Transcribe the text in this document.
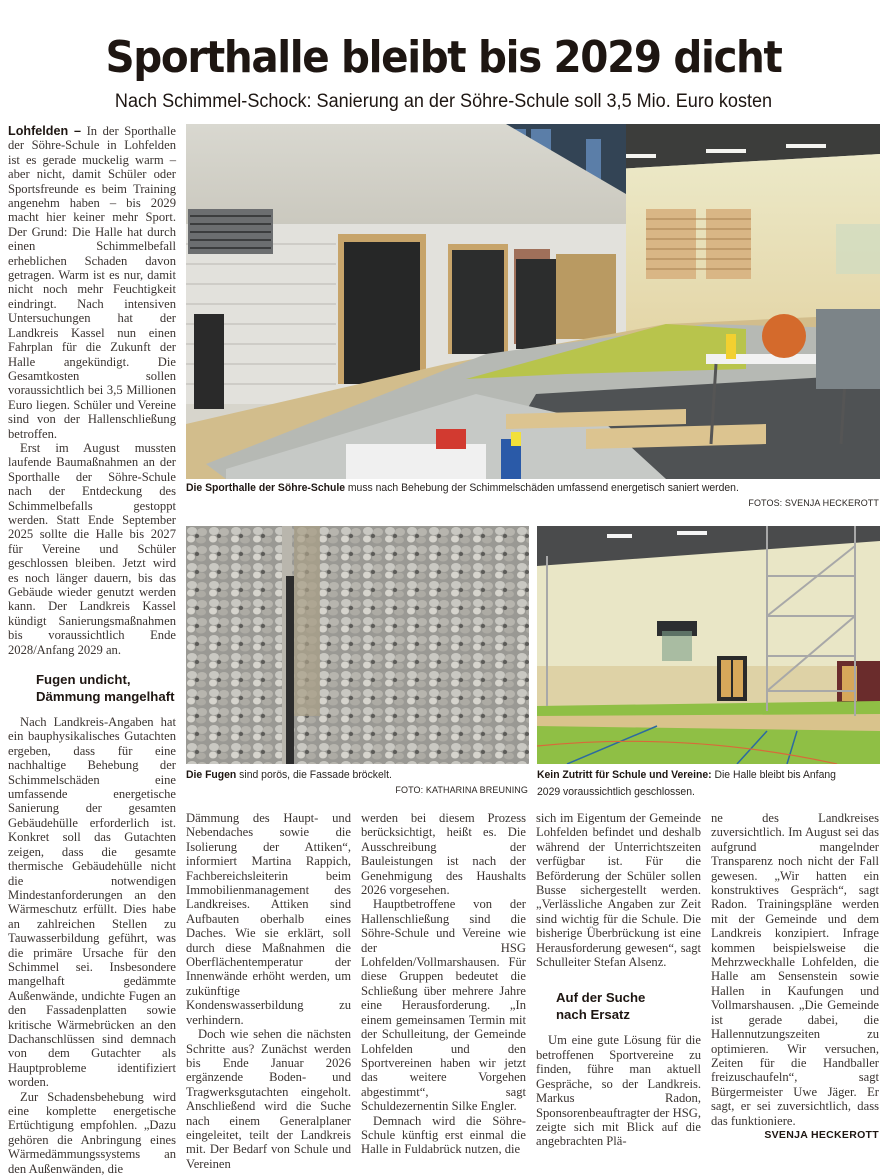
Sporthalle bleibt bis 2029 dicht
Nach Schimmel-Schock: Sanierung an der Söhre-Schule soll 3,5 Mio. Euro kosten

Lohfelden – In der Sporthalle der Söhre-Schule in Lohfelden ist es gerade muckelig warm – aber nicht, damit Schüler oder Sportsfreunde es beim Training angenehm haben – bis 2029 macht hier keiner mehr Sport. Der Grund: Die Halle hat durch einen Schimmelbefall erheblichen Schaden davon getragen. Warm ist es nur, damit nicht noch mehr Feuchtigkeit eindringt. Nach intensiven Untersuchungen hat der Landkreis Kassel nun einen Fahrplan für die Zukunft der Halle angekündigt. Die Gesamtkosten sollen voraussichtlich bei 3,5 Millionen Euro liegen. Schüler und Vereine sind von der Hallenschließung betroffen.

Erst im August mussten laufende Baumaßnahmen an der Sporthalle der Söhre-Schule nach der Entdeckung des Schimmelbefalls gestoppt werden. Statt Ende September 2025 sollte die Halle bis 2027 für Vereine und Schüler geschlossen bleiben. Jetzt wird es noch länger dauern, bis das Gebäude wieder genutzt werden kann. Der Landkreis Kassel kündigt Sanierungsmaßnahmen bis voraussichtlich Ende 2028/Anfang 2029 an.

Fugen undicht,
Dämmung mangelhaft

Nach Landkreis-Angaben hat ein bauphysikalisches Gutachten ergeben, dass für eine nachhaltige Behebung der Schimmelschäden eine umfassende energetische Sanierung der gesamten Gebäudehülle erforderlich ist. Konkret soll das Gutachten zeigen, dass die gesamte thermische Gebäudehülle nicht die notwendigen Mindestanforderungen an den Wärmeschutz erfüllt. Dies habe an zahlreichen Stellen zu Tauwasserbildung geführt, was die primäre Ursache für den Schimmel sei. Insbesondere mangelhaft gedämmte Außenwände, undichte Fugen an den Fassadenplatten sowie kritische Wärmebrücken an den Dachanschlüssen sind demnach von dem Gutachter als Hauptprobleme identifiziert worden.

Zur Schadensbehebung wird eine komplette energetische Ertüchtigung empfohlen. „Dazu gehören die Anbringung eines Wärmedämmungssystems an den Außenwänden, die

Die Sporthalle der Söhre-Schule muss nach Behebung der Schimmelschäden umfassend energetisch saniert werden.
FOTOS: SVENJA HECKEROTT
Die Fugen sind porös, die Fassade bröckelt.
FOTO: KATHARINA BREUNING
Kein Zutritt für Schule und Vereine: Die Halle bleibt bis Anfang
2029 voraussichtlich geschlossen.

Dämmung des Haupt- und Nebendaches sowie die Isolierung der Attiken“, informiert Martina Rappich, Fachbereichsleiterin beim Immobilienmanagement des Landkreises. Attiken sind Aufbauten oberhalb eines Daches. Wie sie erklärt, soll durch diese Maßnahmen die Oberflächentemperatur der Innenwände erhöht werden, um zukünftige Kondenswasserbildung zu verhindern.

Doch wie sehen die nächsten Schritte aus? Zunächst werden bis Ende Januar 2026 ergänzende Boden- und Tragwerksgutachten eingeholt. Anschließend wird die Suche nach einem Generalplaner eingeleitet, teilt der Landkreis mit. Der Bedarf von Schule und Vereinen

werden bei diesem Prozess berücksichtigt, heißt es. Die Ausschreibung der Bauleistungen ist nach der Genehmigung des Haushalts 2026 vorgesehen.

Hauptbetroffene von der Hallenschließung sind die Söhre-Schule und Vereine wie der HSG Lohfelden/Vollmarshausen. Für diese Gruppen bedeutet die Schließung über mehrere Jahre eine Herausforderung. „In einem gemeinsamen Termin mit der Schulleitung, der Gemeinde Lohfelden und den Sportvereinen haben wir jetzt das weitere Vorgehen abgestimmt“, sagt Schuldezernentin Silke Engler.

Demnach wird die Söhre-Schule künftig erst einmal die Halle in Fuldabrück nutzen, die

sich im Eigentum der Gemeinde Lohfelden befindet und deshalb während der Unterrichtszeiten verfügbar ist. Für die Beförderung der Schüler sollen Busse sichergestellt werden. „Verlässliche Angaben zur Zeit sind wichtig für die Schule. Die bisherige Überbrückung ist eine Herausforderung gewesen“, sagt Schulleiter Stefan Alsenz.

Auf der Suche
nach Ersatz

Um eine gute Lösung für die betroffenen Sportvereine zu finden, führe man aktuell Gespräche, so der Landkreis. Markus Radon, Sponsorenbeauftragter der HSG, zeigte sich mit Blick auf die angebrachten Plä-

ne des Landkreises zuversichtlich. Im August sei das aufgrund mangelnder Transparenz noch nicht der Fall gewesen. „Wir hatten ein konstruktives Gespräch“, sagt Radon. Trainingspläne werden mit der Gemeinde und dem Landkreis konzipiert. Infrage kommen beispielsweise die Mehrzweckhalle Lohfelden, die Halle am Sensenstein sowie Hallen in Kaufungen und Vollmarshausen. „Die Gemeinde ist gerade dabei, die Hallennutzungszeiten zu optimieren. Wir versuchen, Zeiten für die Handballer freizuschaufeln“, sagt Bürgermeister Uwe Jäger. Er sagt, er sei zuversichtlich, dass das funktioniere.

SVENJA HECKEROTT
